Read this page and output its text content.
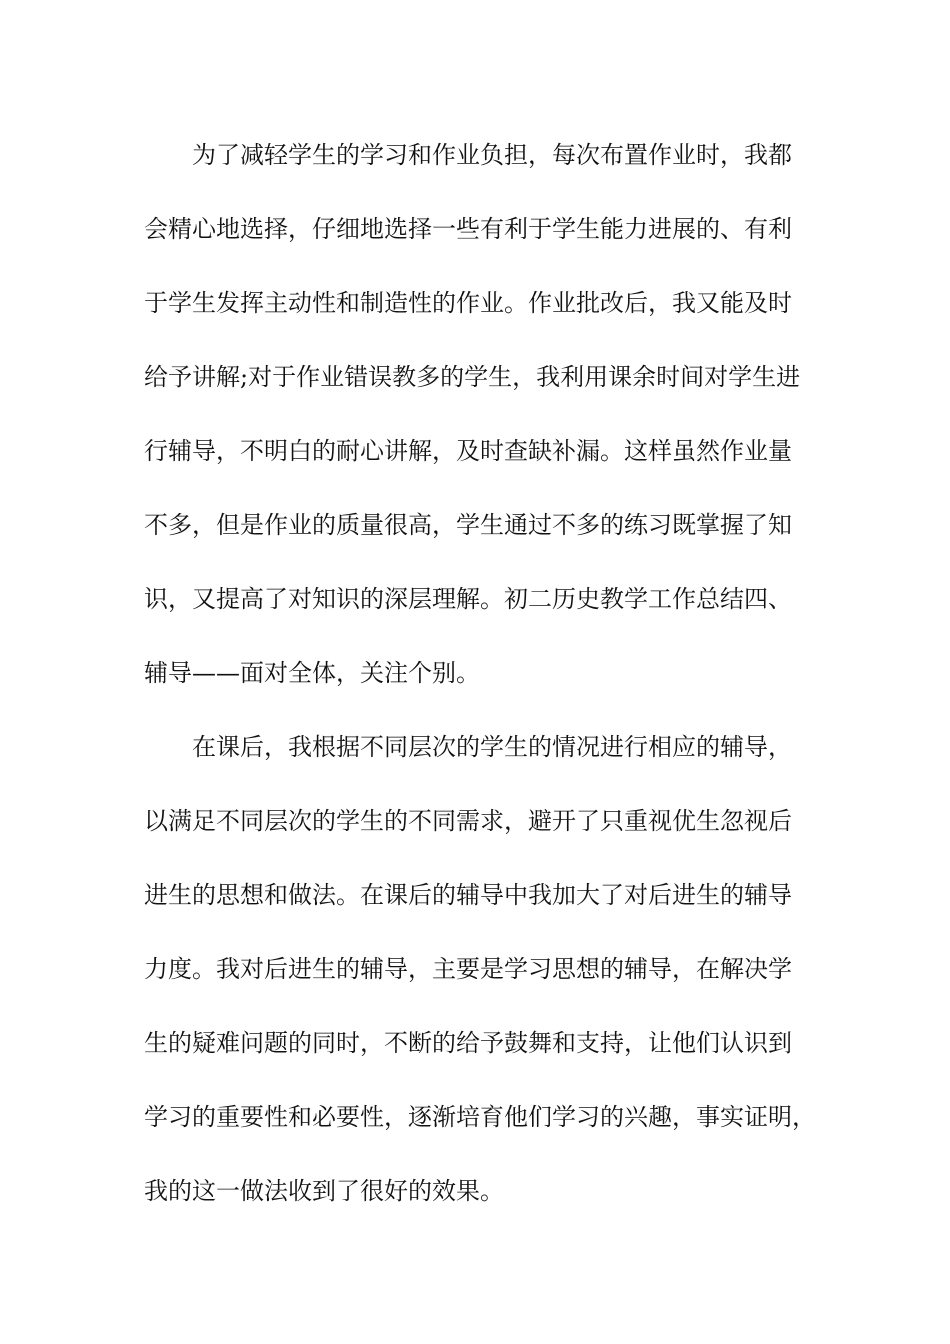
为了减轻学生的学习和作业负担，每次布置作业时，我都
会精心地选择，仔细地选择一些有利于学生能力进展的、有利
于学生发挥主动性和制造性的作业。作业批改后，我又能及时
给予讲解;对于作业错误教多的学生，我利用课余时间对学生进
行辅导，不明白的耐心讲解，及时查缺补漏。这样虽然作业量
不多，但是作业的质量很高，学生通过不多的练习既掌握了知
识，又提高了对知识的深层理解。初二历史教学工作总结四、
辅导——面对全体，关注个别。
在课后，我根据不同层次的学生的情况进行相应的辅导，
以满足不同层次的学生的不同需求，避开了只重视优生忽视后
进生的思想和做法。在课后的辅导中我加大了对后进生的辅导
力度。我对后进生的辅导，主要是学习思想的辅导，在解决学
生的疑难问题的同时，不断的给予鼓舞和支持，让他们认识到
学习的重要性和必要性，逐渐培育他们学习的兴趣，事实证明，
我的这一做法收到了很好的效果。
